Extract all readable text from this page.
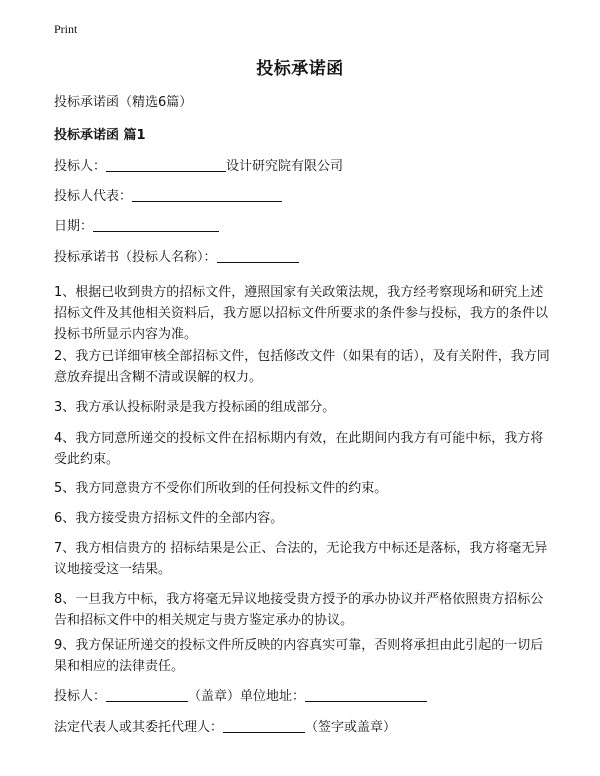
Print
投标承诺函
投标承诺函（精选6篇）
投标承诺函 篇1
投标人：	设计研究院有限公司
投标人代表：
日期：
投标承诺书（投标人名称）：
1、根据已收到贵方的招标文件，遵照国家有关政策法规，我方经考察现场和研究上述招标文件及其他相关资料后，我方愿以招标文件所要求的条件参与投标，我方的条件以投标书所显示内容为准。
2、我方已详细审核全部招标文件，包括修改文件（如果有的话），及有关附件，我方同意放弃提出含糊不清或误解的权力。
3、我方承认投标附录是我方投标函的组成部分。
4、我方同意所递交的投标文件在招标期内有效，在此期间内我方有可能中标，我方将受此约束。
5、我方同意贵方不受你们所收到的任何投标文件的约束。
6、我方接受贵方招标文件的全部内容。
7、我方相信贵方的 招标结果是公正、合法的，无论我方中标还是落标，我方将毫无异议地接受这一结果。
8、一旦我方中标，我方将毫无异议地接受贵方授予的承办协议并严格依照贵方招标公告和招标文件中的相关规定与贵方鉴定承办的协议。
9、我方保证所递交的投标文件所反映的内容真实可靠，否则将承担由此引起的一切后果和相应的法律责任。
投标人：	（盖章）单位地址：
法定代表人或其委托代理人：	（签字或盖章）
